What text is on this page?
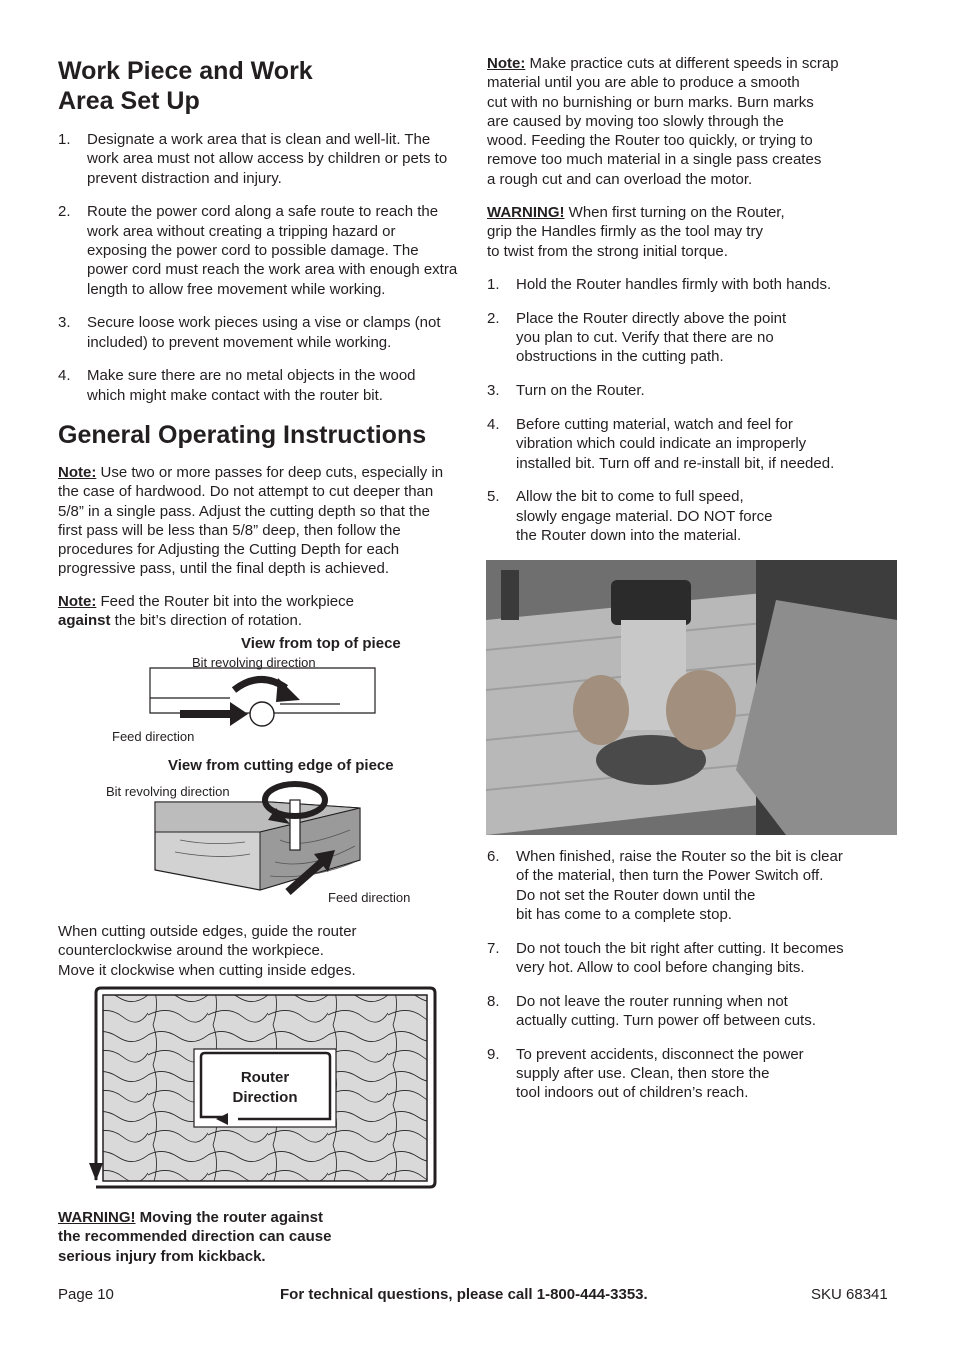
Work Piece and Work Area Set Up
1. Designate a work area that is clean and well-lit. The work area must not allow access by children or pets to prevent distraction and injury.
2. Route the power cord along a safe route to reach the work area without creating a tripping hazard or exposing the power cord to possible damage. The power cord must reach the work area with enough extra length to allow free movement while working.
3. Secure loose work pieces using a vise or clamps (not included) to prevent movement while working.
4. Make sure there are no metal objects in the wood which might make contact with the router bit.
General Operating Instructions

Note: Use two or more passes for deep cuts, especially in the case of hardwood. Do not attempt to cut deeper than 5/8” in a single pass. Adjust the cutting depth so that the first pass will be less than 5/8” deep, then follow the procedures for Adjusting the Cutting Depth for each progressive pass, until the final depth is achieved.

Note: Feed the Router bit into the workpiece
against the bit’s direction of rotation.

View from top of piece
Bit revolving direction
Feed direction
View from cutting edge of piece
Bit revolving direction
Feed direction

When cutting outside edges, guide the router
counterclockwise around the workpiece.
Move it clockwise when cutting inside edges.

Router
Direction

WARNING! Moving the router against
the recommended direction can cause
serious injury from kickback.

Note: Make practice cuts at different speeds in scrap
material until you are able to produce a smooth
cut with no burnishing or burn marks. Burn marks
are caused by moving too slowly through the
wood. Feeding the Router too quickly, or trying to
remove too much material in a single pass creates
a rough cut and can overload the motor.

WARNING! When first turning on the Router,
grip the Handles firmly as the tool may try
to twist from the strong initial torque.

1. Hold the Router handles firmly with both hands.
2. Place the Router directly above the point
you plan to cut. Verify that there are no
obstructions in the cutting path.
3. Turn on the Router.
4. Before cutting material, watch and feel for
vibration which could indicate an improperly
installed bit. Turn off and re-install bit, if needed.
5. Allow the bit to come to full speed,
slowly engage material. DO NOT force
the Router down into the material.
6. When finished, raise the Router so the bit is clear
of the material, then turn the Power Switch off.
Do not set the Router down until the
bit has come to a complete stop.
7. Do not touch the bit right after cutting. It becomes
very hot. Allow to cool before changing bits.
8. Do not leave the router running when not
actually cutting. Turn power off between cuts.
9. To prevent accidents, disconnect the power
supply after use. Clean, then store the
tool indoors out of children’s reach.
Page 10	For technical questions, please call 1-800-444-3353.	SKU 68341
